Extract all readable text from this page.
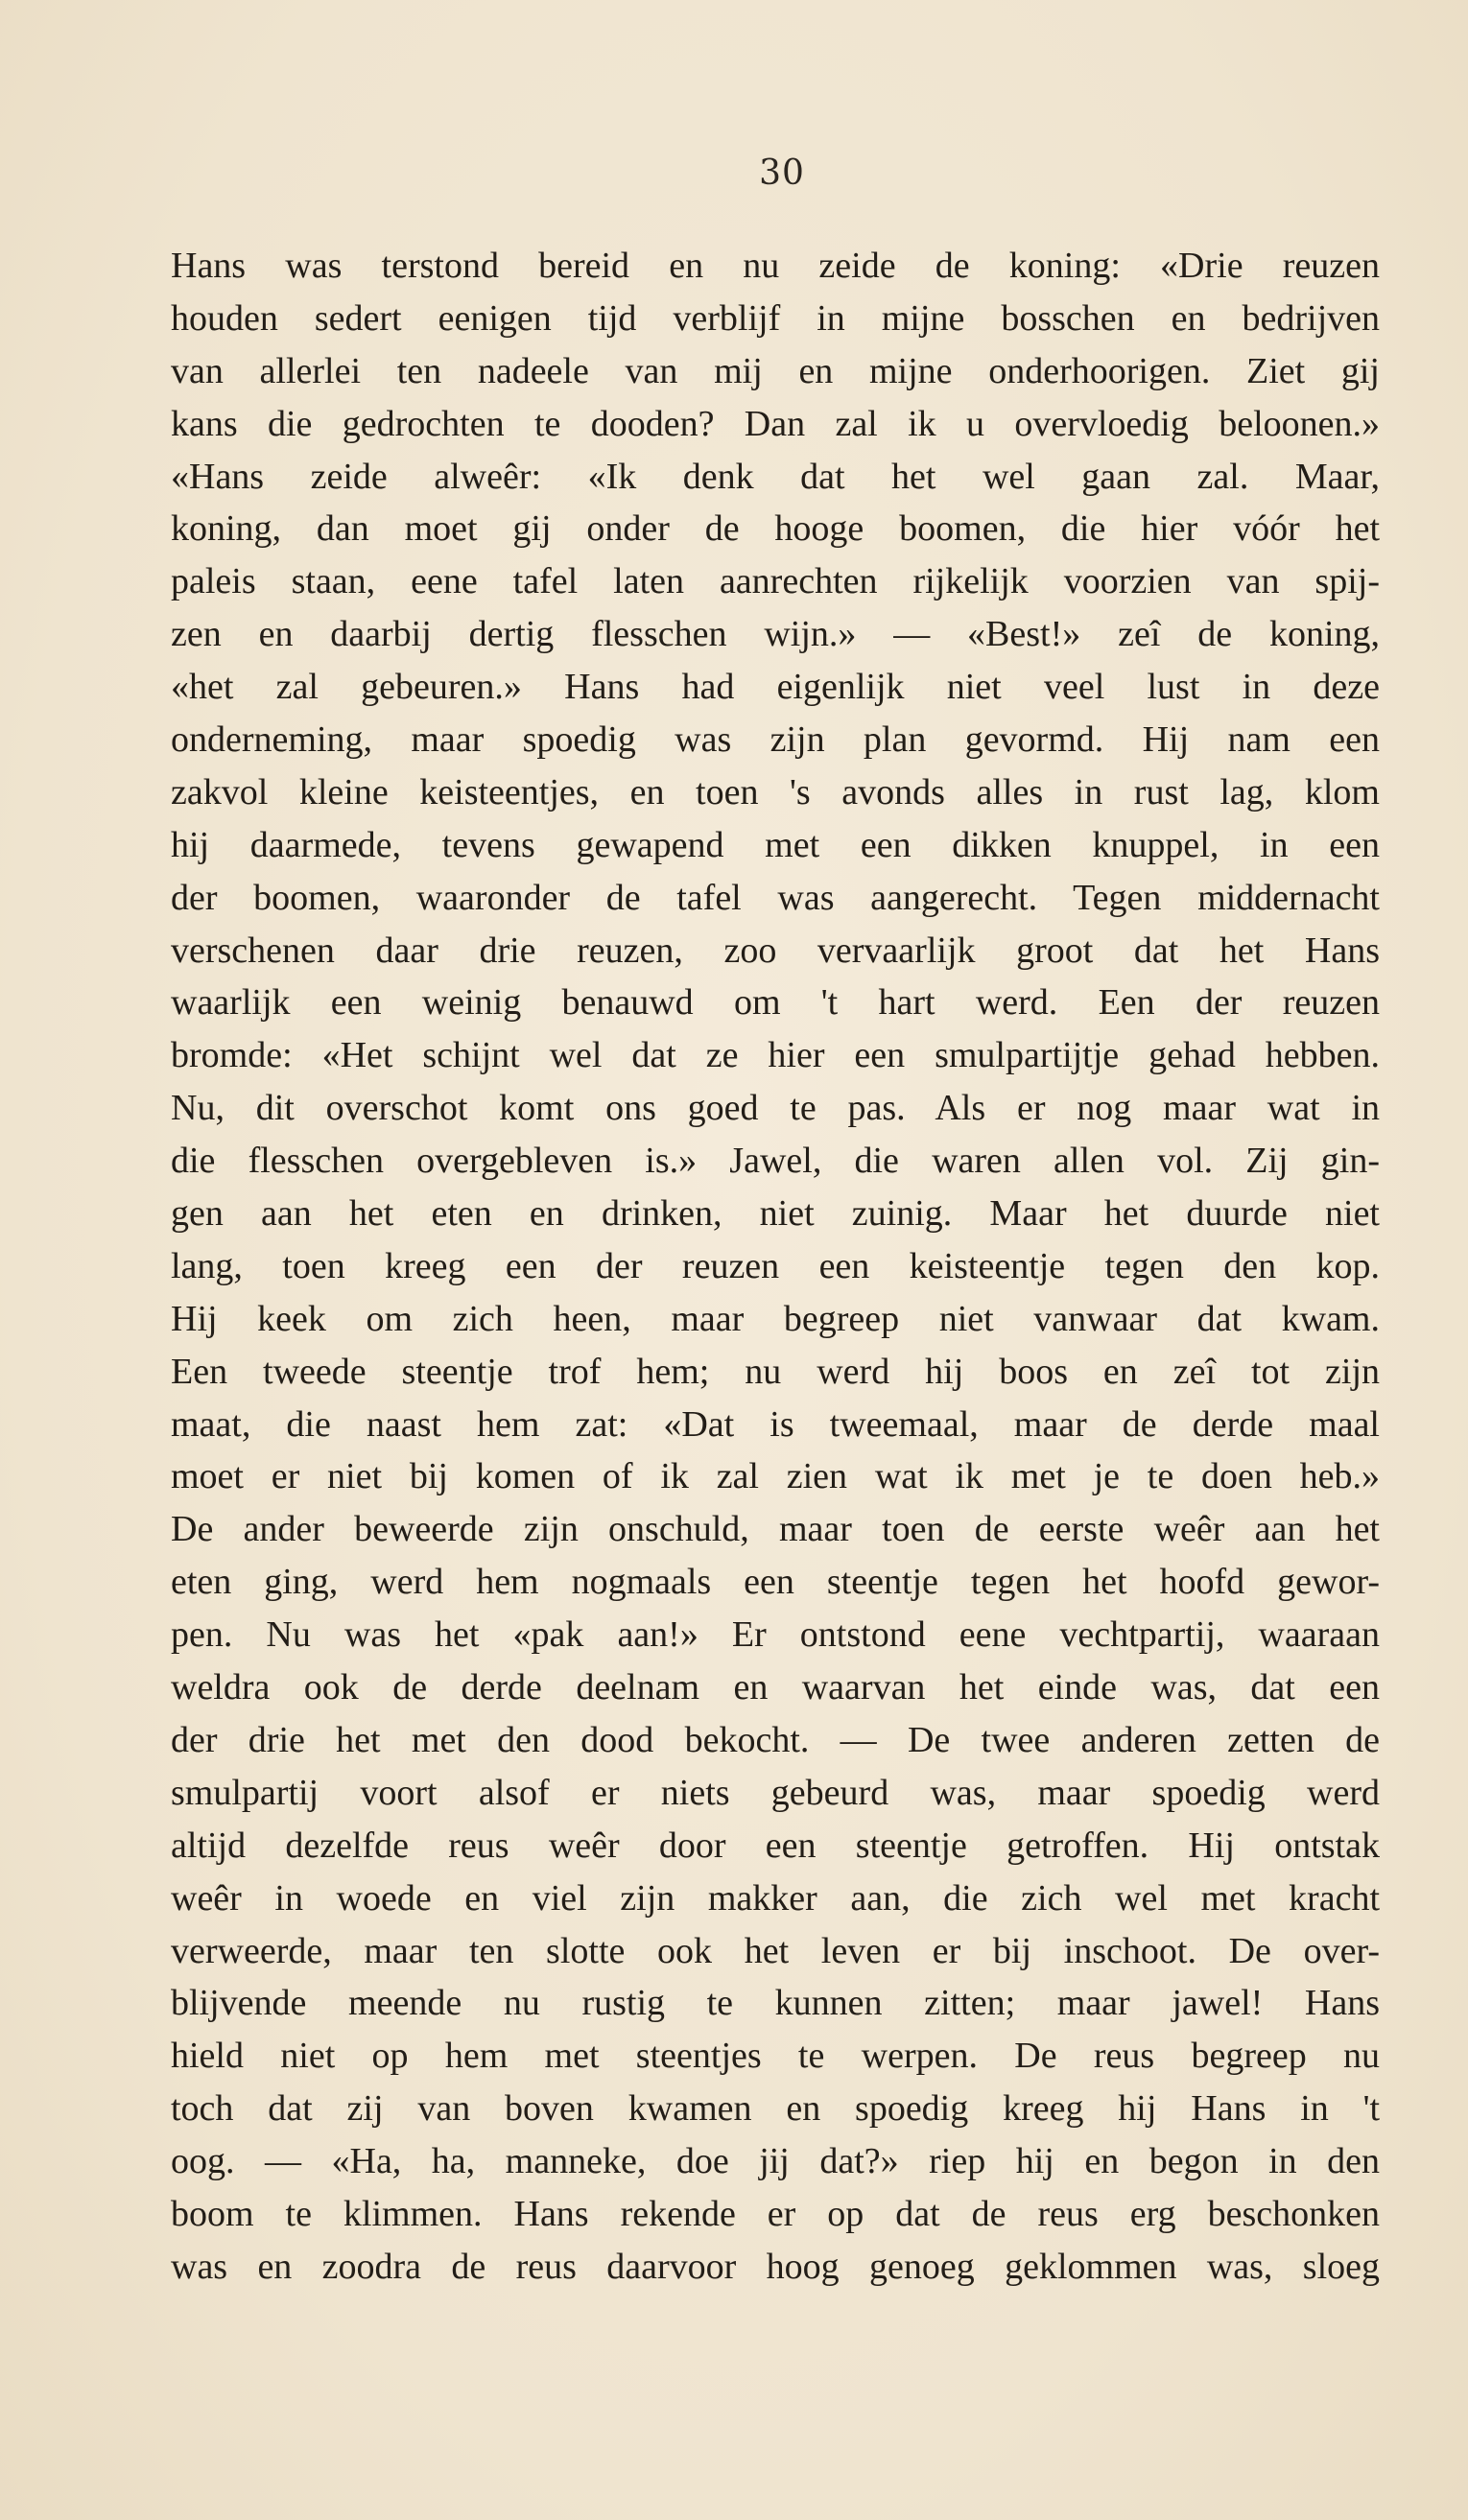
30
Hans was terstond bereid en nu zeide de koning: «Drie reuzen
houden sedert eenigen tijd verblijf in mijne bosschen en bedrijven
van allerlei ten nadeele van mij en mijne onderhoorigen. Ziet gij
kans die gedrochten te dooden? Dan zal ik u overvloedig beloonen.»
«Hans zeide alweêr: «Ik denk dat het wel gaan zal. Maar,
koning, dan moet gij onder de hooge boomen, die hier vóór het
paleis staan, eene tafel laten aanrechten rijkelijk voorzien van spij-
zen en daarbij dertig flesschen wijn.» — «Best!» zeî de koning,
«het zal gebeuren.» Hans had eigenlijk niet veel lust in deze
onderneming, maar spoedig was zijn plan gevormd. Hij nam een
zakvol kleine keisteentjes, en toen 's avonds alles in rust lag, klom
hij daarmede, tevens gewapend met een dikken knuppel, in een
der boomen, waaronder de tafel was aangerecht. Tegen middernacht
verschenen daar drie reuzen, zoo vervaarlijk groot dat het Hans
waarlijk een weinig benauwd om 't hart werd. Een der reuzen
bromde: «Het schijnt wel dat ze hier een smulpartijtje gehad hebben.
Nu, dit overschot komt ons goed te pas. Als er nog maar wat in
die flesschen overgebleven is.» Jawel, die waren allen vol. Zij gin-
gen aan het eten en drinken, niet zuinig. Maar het duurde niet
lang, toen kreeg een der reuzen een keisteentje tegen den kop.
Hij keek om zich heen, maar begreep niet vanwaar dat kwam.
Een tweede steentje trof hem; nu werd hij boos en zeî tot zijn
maat, die naast hem zat: «Dat is tweemaal, maar de derde maal
moet er niet bij komen of ik zal zien wat ik met je te doen heb.»
De ander beweerde zijn onschuld, maar toen de eerste weêr aan het
eten ging, werd hem nogmaals een steentje tegen het hoofd gewor-
pen. Nu was het «pak aan!» Er ontstond eene vechtpartij, waaraan
weldra ook de derde deelnam en waarvan het einde was, dat een
der drie het met den dood bekocht. — De twee anderen zetten de
smulpartij voort alsof er niets gebeurd was, maar spoedig werd
altijd dezelfde reus weêr door een steentje getroffen. Hij ontstak
weêr in woede en viel zijn makker aan, die zich wel met kracht
verweerde, maar ten slotte ook het leven er bij inschoot. De over-
blijvende meende nu rustig te kunnen zitten; maar jawel! Hans
hield niet op hem met steentjes te werpen. De reus begreep nu
toch dat zij van boven kwamen en spoedig kreeg hij Hans in 't
oog. — «Ha, ha, manneke, doe jij dat?» riep hij en begon in den
boom te klimmen. Hans rekende er op dat de reus erg beschonken
was en zoodra de reus daarvoor hoog genoeg geklommen was, sloeg
